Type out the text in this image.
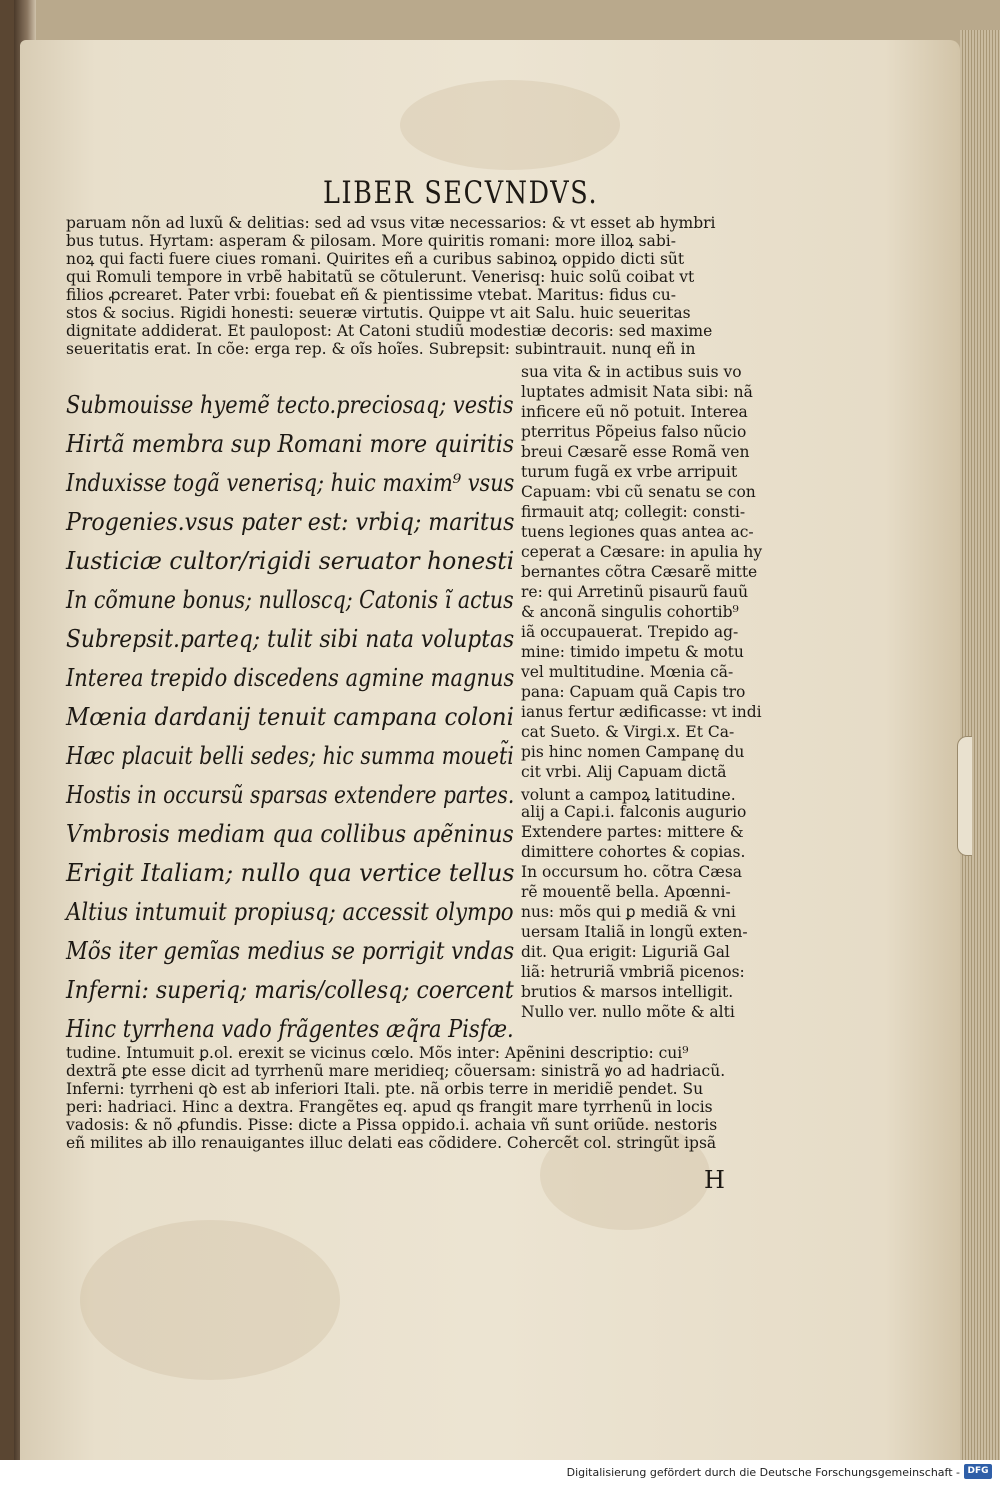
LIBER SECVNDVS.
paruam nõn ad luxũ & delitias: sed ad vsus vitæ necessarios: & vt esset ab hymbri
bus tutus. Hyrtam: asperam & pilosam. More quiritis romani: more illoꝝ sabi-
noꝝ qui facti fuere ciues romani. Quirites eñ a curibus sabinoꝝ oppido dicti sũt
qui Romuli tempore in vrbẽ habitatũ se cõtulerunt. Venerisq: huic solũ coibat vt
filios ꝓcrearet. Pater vrbi: fouebat eñ & pientissime vtebat. Maritus: fidus cu-
stos & socius. Rigidi honesti: seueræ virtutis. Quippe vt ait Salu. huic seueritas
dignitate addiderat. Et paulopost: At Catoni studiũ modestiæ decoris: sed maxime
seueritatis erat. In cõe: erga rep. & oĩs hoĩes. Subrepsit: subintrauit. nunq eñ in
Submouisse hyemẽ tecto.preciosaq; vestis
Hirtã membra sup Romani more quiritis
Induxisse togã venerisq; huic maxim⁹ vsus
Progenies.vsus pater est: vrbiq; maritus
Iusticiæ cultor/rigidi seruator honesti
In cõmune bonus; nulloscq; Catonis ĩ actus
Subrepsit.parteq; tulit sibi nata voluptas
Interea trepido discedens agmine magnus
Mœnia dardanij tenuit campana coloni
Hæc placuit belli sedes; hic summa mouet̃i
Hostis in occursũ sparsas extendere partes.
Vmbrosis mediam qua collibus apẽninus
Erigit Italiam; nullo qua vertice tellus
Altius intumuit propiusq; accessit olympo
Mõs iter gemĩas medius se porrigit vndas
Inferni: superiq; maris/collesq; coercent
Hinc tyrrhena vado frãgentes æq̃ra Pisfæ.
sua vita & in actibus suis vo
luptates admisit Nata sibi: nã
inficere eũ nõ potuit. Interea
pterritus Põpeius falso nũcio
breui Cæsarẽ esse Romã ven
turum fugã ex vrbe arripuit
Capuam: vbi cũ senatu se con
firmauit atq; collegit: consti-
tuens legiones quas antea ac-
ceperat a Cæsare: in apulia hy
bernantes cõtra Cæsarẽ mitte
re: qui Arretinũ pisaurũ fauũ
& anconã singulis cohortib⁹
iã occupauerat. Trepido ag-
mine: timido impetu & motu
vel multitudine. Mœnia cã-
pana: Capuam quã Capis tro
ianus fertur ædificasse: vt indi
cat Sueto. & Virgi.x. Et Ca-
pis hinc nomen Campanę du
cit vrbi. Alij Capuam dictã
volunt a campoꝝ latitudine.
alij a Capi.i. falconis augurio
Extendere partes: mittere &
dimittere cohortes & copias.
In occursum ho. cõtra Cæsa
rẽ mouentẽ bella. Apœnni-
nus: mõs qui ꝑ mediã & vni
uersam Italiã in longũ exten-
dit. Qua erigit: Liguriã Gal
liã: hetruriã vmbriã picenos:
brutios & marsos intelligit.
Nullo ver. nullo mõte & alti
tudine. Intumuit ꝑ.ol. erexit se vicinus cœlo. Mõs inter: Apẽnini descriptio: cui⁹
dextrã ꝑte esse dicit ad tyrrhenũ mare meridieq; cõuersam: sinistrã ꝟo ad hadriacũ.
Inferni: tyrrheni qꝺ est ab inferiori Itali. pte. nã orbis terre in meridiẽ pendet. Su
peri: hadriaci. Hinc a dextra. Frangẽtes eq. apud qs frangit mare tyrrhenũ in locis
vadosis: & nõ ꝓfundis. Pisse: dicte a Pissa oppido.i. achaia vñ sunt oriũde. nestoris
eñ milites ab illo renauigantes illuc delati eas cõdidere. Cohercẽt col. stringũt ipsã
H
Digitalisierung gefördert durch die Deutsche Forschungsgemeinschaft - DFG
